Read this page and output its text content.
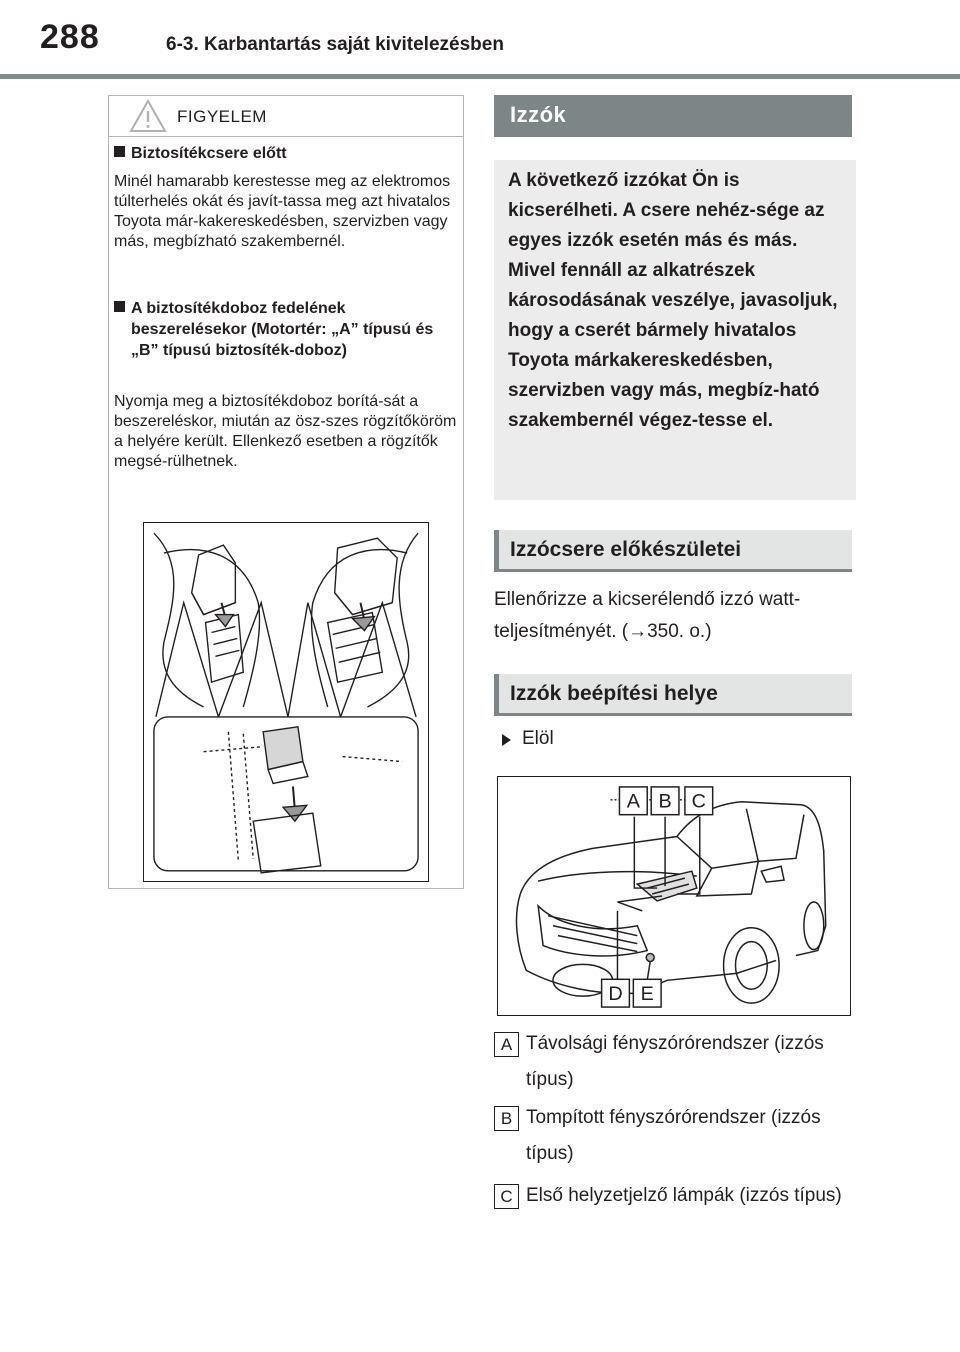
288	6-3. Karbantartás saját kivitelezésben
FIGYELEM
Biztosítékcsere előtt
Minél hamarabb kerestesse meg az elektromos túlterhelés okát és javít-tassa meg azt hivatalos Toyota már-kakereskedésben, szervizben vagy más, megbízható szakembernél.
A biztosítékdoboz fedelének beszerelésekor (Motortér: „A” típusú és „B” típusú biztosíték-doboz)
Nyomja meg a biztosítékdoboz borítá-sát a beszereléskor, miután az ösz-szes rögzítőköröm a helyére került. Ellenkező esetben a rögzítők megsé-rülhetnek.
Izzók
A következő izzókat Ön is kicserélheti. A csere nehéz-sége az egyes izzók esetén más és más. Mivel fennáll az alkatrészek károsodásának veszélye, javasoljuk, hogy a cserét bármely hivatalos Toyota márkakereskedésben, szervizben vagy más, megbíz-ható szakembernél végez-tesse el.
Izzócsere előkészületei
Ellenőrizze a kicserélendő izzó watt-teljesítményét. (→350. o.)
Izzók beépítési helye
Elöl
A B C
D E
A Távolsági fényszórórendszer (izzós típus)
B Tompított fényszórórendszer (izzós típus)
C Első helyzetjelző lámpák (izzós típus)
